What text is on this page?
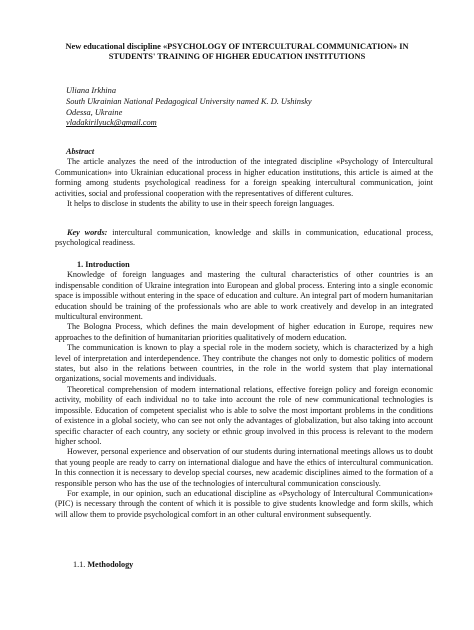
New educational discipline «PSYCHOLOGY OF INTERCULTURAL COMMUNICATION» IN STUDENTS' TRAINING OF HIGHER EDUCATION INSTITUTIONS
Uliana Irkhina
South Ukrainian National Pedagogical University named K. D. Ushinsky
Odessa, Ukraine
vladakirilyuck@gmail.com

Abstract

The article analyzes the need of the introduction of the integrated discipline «Psychology of Intercultural Communication» into Ukrainian educational process in higher education institutions, this article is aimed at the forming among students psychological readiness for a foreign speaking intercultural communication, joint activities, social and professional cooperation with the representatives of different cultures.

It helps to disclose in students the ability to use in their speech foreign languages.

Key words: intercultural communication, knowledge and skills in communication, educational process, psychological readiness.

1. Introduction

Knowledge of foreign languages and mastering the cultural characteristics of other countries is an indispensable condition of Ukraine integration into European and global process. Entering into a single economic space is impossible without entering in the space of education and culture. An integral part of modern humanitarian education should be training of the professionals who are able to work creatively and develop in an integrated multicultural environment.

The Bologna Process, which defines the main development of higher education in Europe, requires new approaches to the definition of humanitarian priorities qualitatively of modern education.

The communication is known to play a special role in the modern society, which is characterized by a high level of interpretation and interdependence. They contribute the changes not only to domestic politics of modern states, but also in the relations between countries, in the role in the world system that play international organizations, social movements and individuals.

Theoretical comprehension of modern international relations, effective foreign policy and foreign economic activity, mobility of each individual no to take into account the role of new communicational technologies is impossible. Education of competent specialist who is able to solve the most important problems in the conditions of existence in a global society, who can see not only the advantages of globalization, but also taking into account specific character of each country, any society or ethnic group involved in this process is relevant to the modern higher school.

However, personal experience and observation of our students during international meetings allows us to doubt that young people are ready to carry on international dialogue and have the ethics of intercultural communication. In this connection it is necessary to develop special courses, new academic disciplines aimed to the formation of a responsible person who has the use of the technologies of intercultural communication consciously.

For example, in our opinion, such an educational discipline as «Psychology of Intercultural Communication» (PIC) is necessary through the content of which it is possible to give students knowledge and form skills, which will allow them to provide psychological comfort in an other cultural environment subsequently.

1.1. Methodology
